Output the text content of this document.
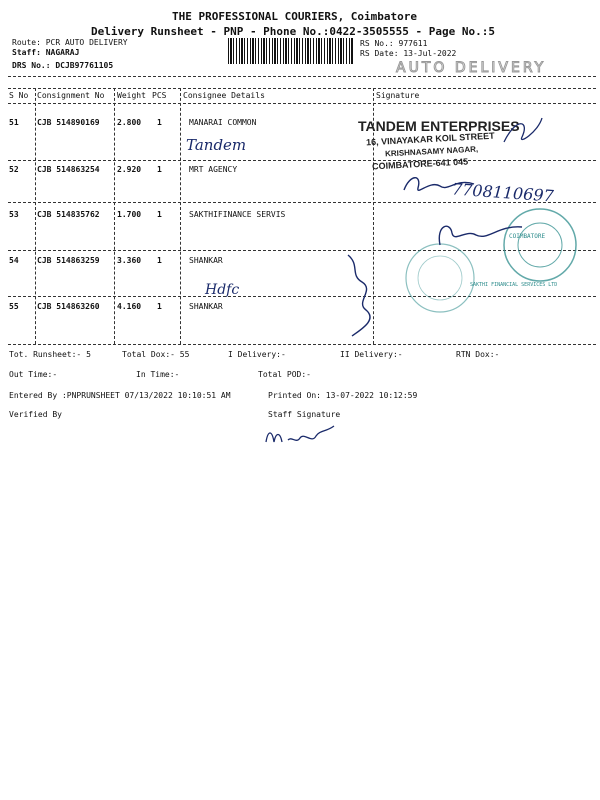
THE PROFESSIONAL COURIERS, Coimbatore
Delivery Runsheet - PNP - Phone No.:0422-3505555 - Page No.:5
Route: PCR AUTO DELIVERY
Staff: NAGARAJ
DRS No.: DCJB97761105
RS No.: 977611
RS Date: 13-Jul-2022
AUTO DELIVERY
S No Consignment No Weight PCS Consignee Details	Signature
51 CJB 514890169 2.800 1	MANARAI COMMON
Tandem
52 CJB 514863254 2.920 1	MRT AGENCY
53 CJB 514835762 1.700 1	SAKTHIFINANCE SERVIS
54 CJB 514863259 3.360 1	SHANKAR
Hdfc
55 CJB 514863260 4.160 1	SHANKAR
TANDEM ENTERPRISES
16, VINAYAKAR KOIL STREET
KRISHNASAMY NAGAR,
COIMBATORE-641 045
7708110697
COIMBATORE
SAKTHI FINANCIAL SERVICES LTD
Tot. Runsheet:- 5	Total Dox:- 55	I Delivery:-	II Delivery:-	RTN Dox:-
Out Time:-	In Time:-	Total POD:-
Entered By :PNPRUNSHEET 07/13/2022 10:10:51 AM	Printed On: 13-07-2022 10:12:59
Verified By	Staff Signature
